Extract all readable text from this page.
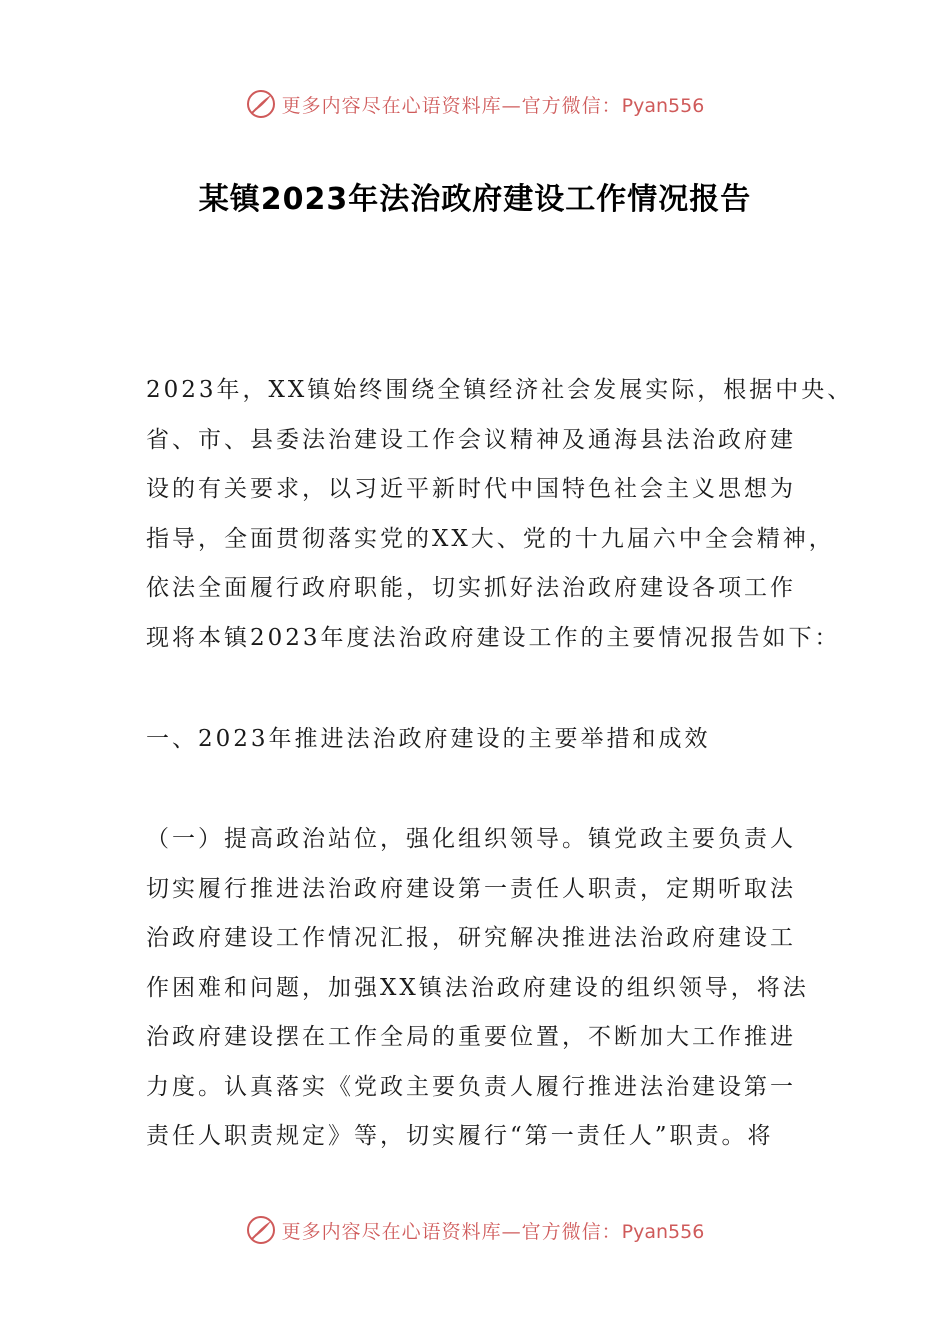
更多内容尽在心语资料库—官方微信：Pyan556
某镇2023年法治政府建设工作情况报告

2023年，XX镇始终围绕全镇经济社会发展实际，根据中央、
省、市、县委法治建设工作会议精神及通海县法治政府建
设的有关要求，以习近平新时代中国特色社会主义思想为
指导，全面贯彻落实党的XX大、党的十九届六中全会精神，
依法全面履行政府职能，切实抓好法治政府建设各项工作
现将本镇2023年度法治政府建设工作的主要情况报告如下：

一、2023年推进法治政府建设的主要举措和成效

（一）提高政治站位，强化组织领导。镇党政主要负责人
切实履行推进法治政府建设第一责任人职责，定期听取法
治政府建设工作情况汇报，研究解决推进法治政府建设工
作困难和问题，加强XX镇法治政府建设的组织领导，将法
治政府建设摆在工作全局的重要位置，不断加大工作推进
力度。认真落实《党政主要负责人履行推进法治建设第一
责任人职责规定》等，切实履行“第一责任人”职责。将

更多内容尽在心语资料库—官方微信：Pyan556
